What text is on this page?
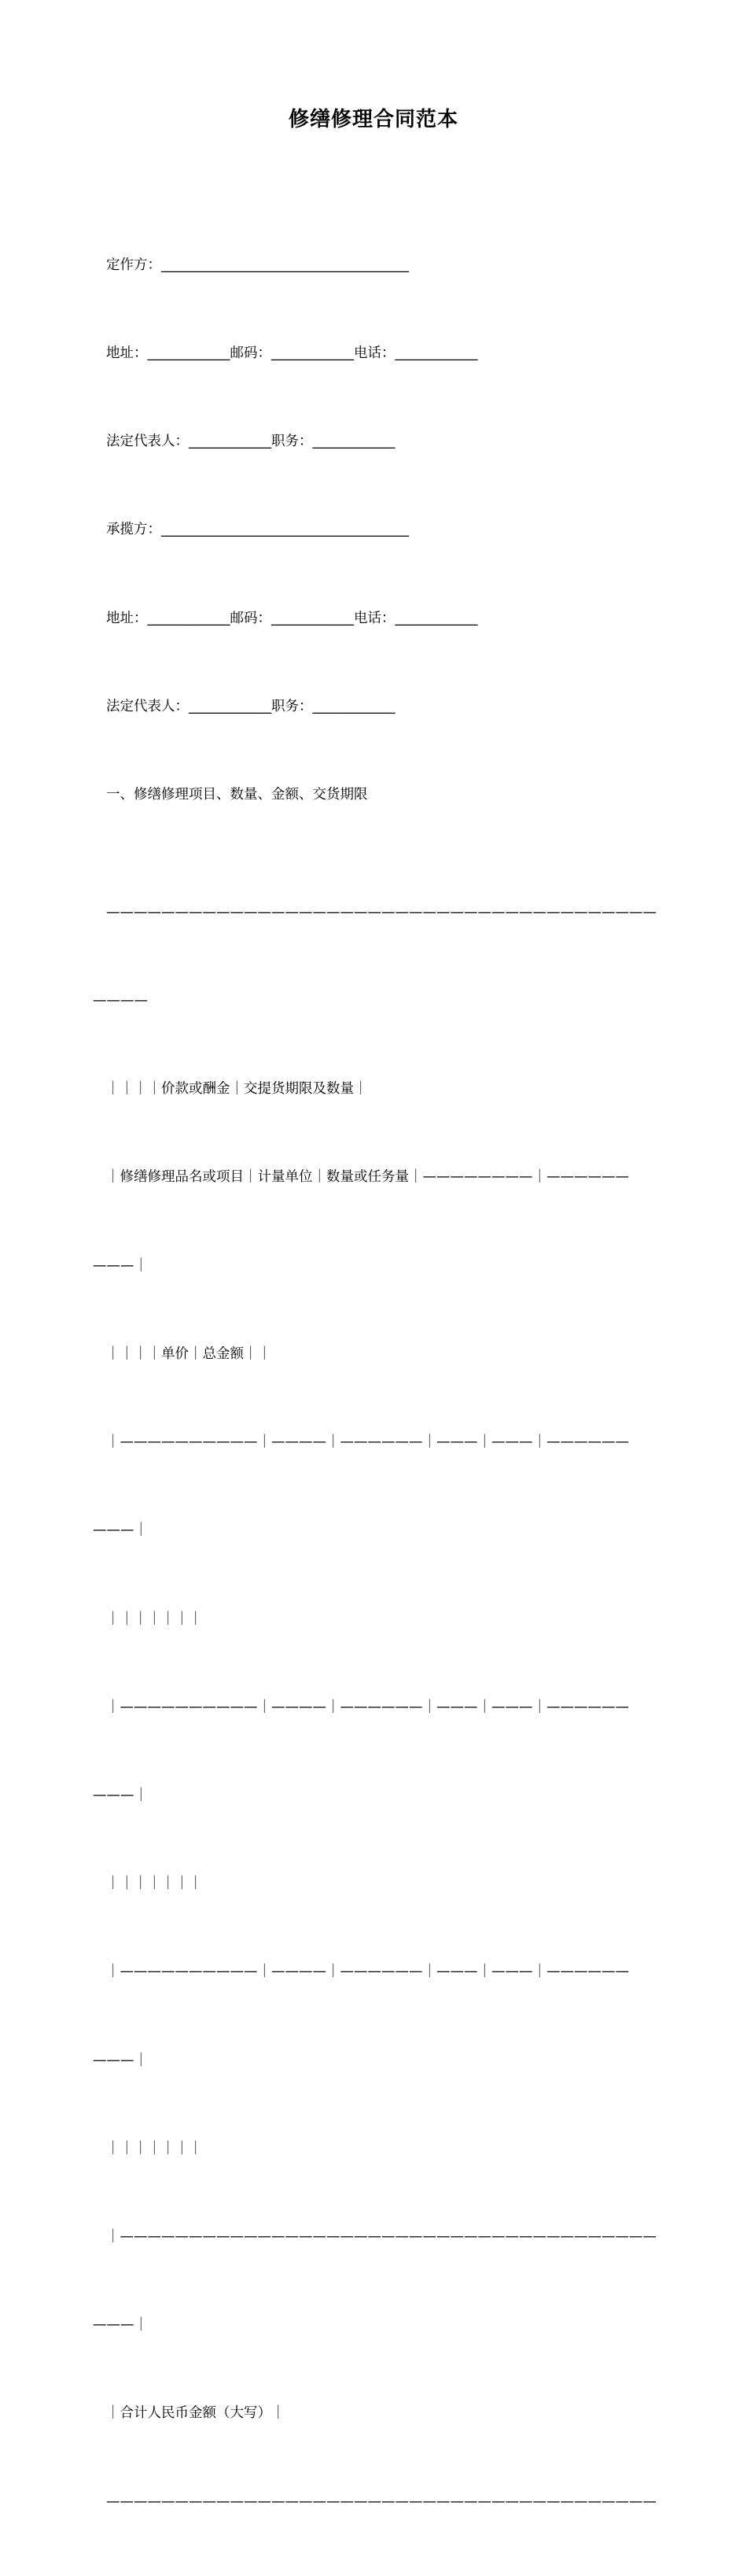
修缮修理合同范本

定作方：____________________________________

地址：____________邮码：____________电话：____________

法定代表人：____________职务：____________

承揽方：____________________________________

地址：____________邮码：____________电话：____________

法定代表人：____________职务：____________

一、修缮修理项目、数量、金额、交货期限

————————————————————————————————————————

————

｜｜｜｜价款或酬金｜交提货期限及数量｜

｜修缮修理品名或项目｜计量单位｜数量或任务量｜————————｜——————

———｜

｜｜｜｜单价｜总金额｜｜

｜——————————｜————｜——————｜———｜———｜——————

———｜

｜｜｜｜｜｜｜

｜——————————｜————｜——————｜———｜———｜——————

———｜

｜｜｜｜｜｜｜

｜——————————｜————｜——————｜———｜———｜——————

———｜

｜｜｜｜｜｜｜

｜———————————————————————————————————————

———｜

｜合计人民币金额（大写）｜

————————————————————————————————————————
